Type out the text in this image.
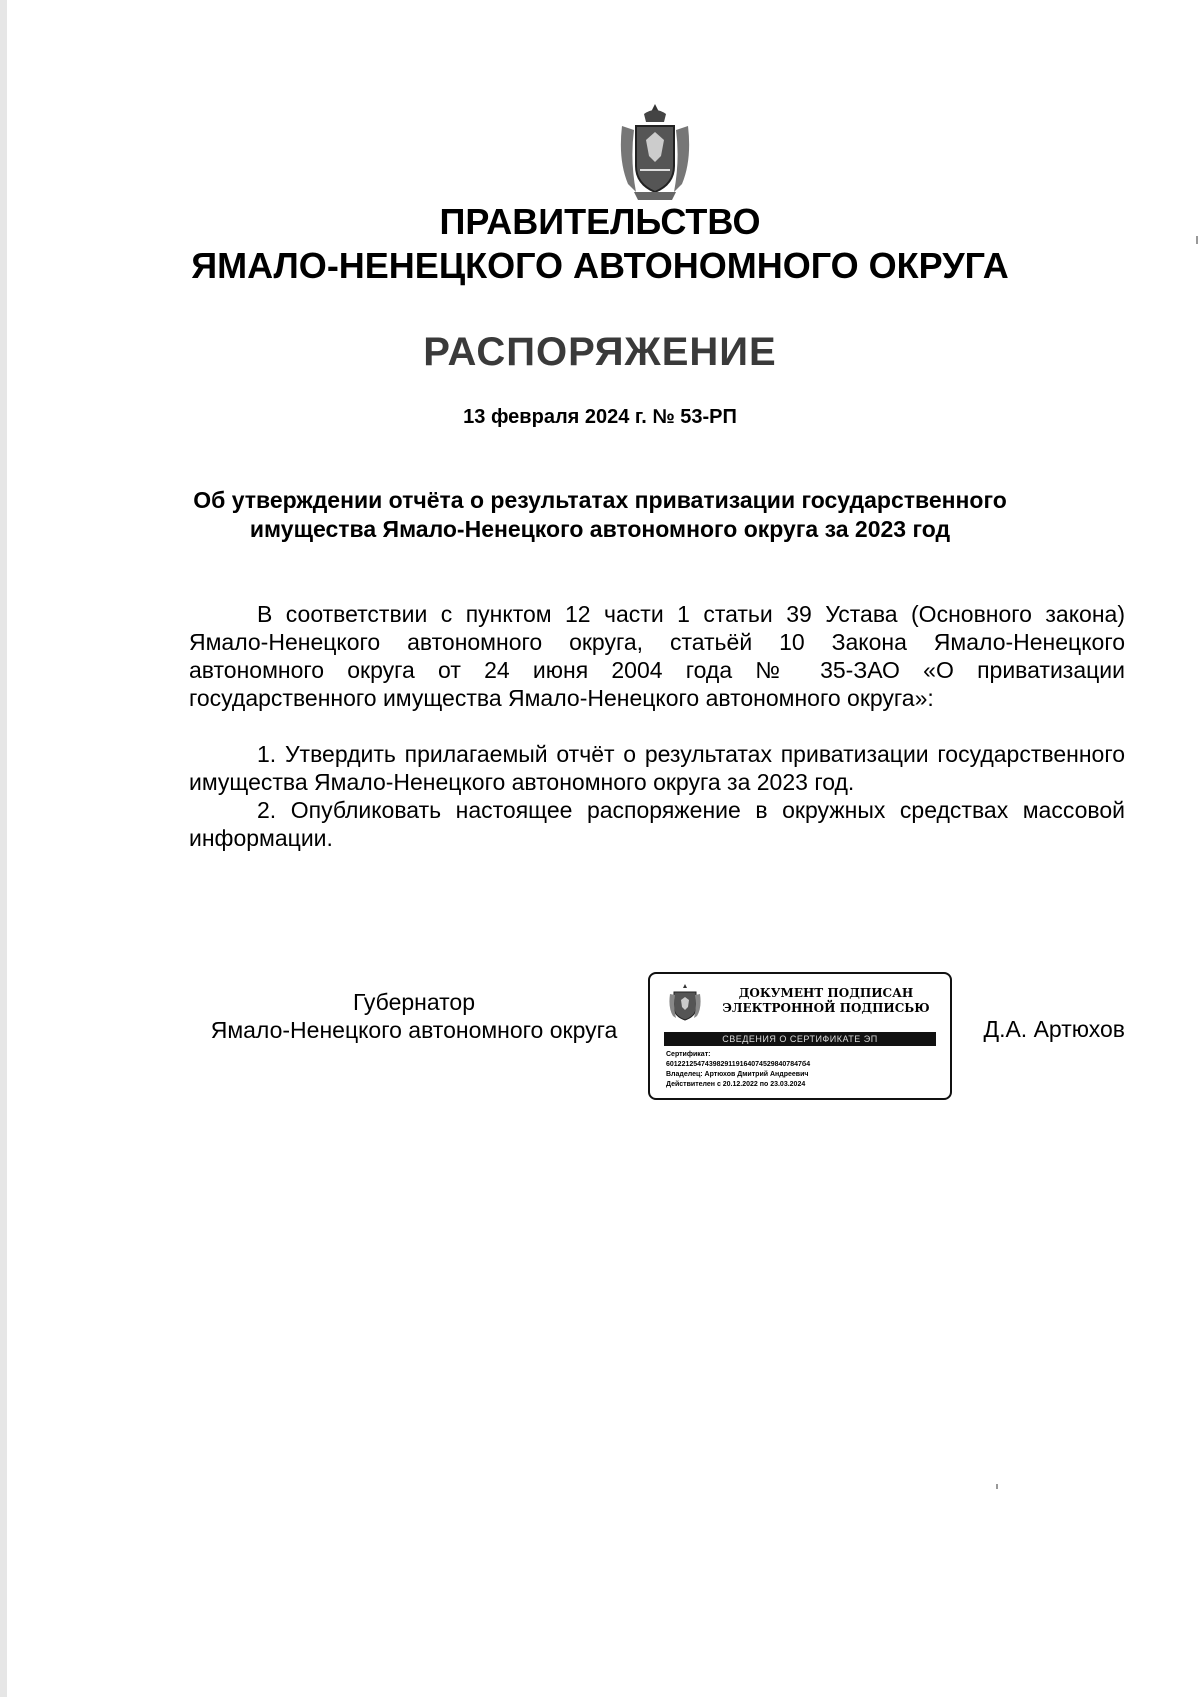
ПРАВИТЕЛЬСТВО
ЯМАЛО-НЕНЕЦКОГО АВТОНОМНОГО ОКРУГА
РАСПОРЯЖЕНИЕ
13 февраля 2024 г. № 53-РП
Об утверждении отчёта о результатах приватизации государственного
имущества Ямало-Ненецкого автономного округа за 2023 год

В соответствии с пунктом 12 части 1 статьи 39 Устава (Основного закона) Ямало-Ненецкого автономного округа, статьёй 10 Закона Ямало-Ненецкого автономного округа от 24 июня 2004 года № 35-ЗАО «О приватизации государственного имущества Ямало-Ненецкого автономного округа»:

1. Утвердить прилагаемый отчёт о результатах приватизации государственного имущества Ямало-Ненецкого автономного округа за 2023 год.

2. Опубликовать настоящее распоряжение в окружных средствах массовой информации.

Губернатор
Ямало-Ненецкого автономного округа
ДОКУМЕНТ ПОДПИСАН
ЭЛЕКТРОННОЙ ПОДПИСЬЮ
СВЕДЕНИЯ О СЕРТИФИКАТЕ ЭП
Сертификат:
60122125474398291191640745298407847б4
Владелец: Артюхов Дмитрий Андреевич
Действителен с 20.12.2022 по 23.03.2024
Д.А. Артюхов
